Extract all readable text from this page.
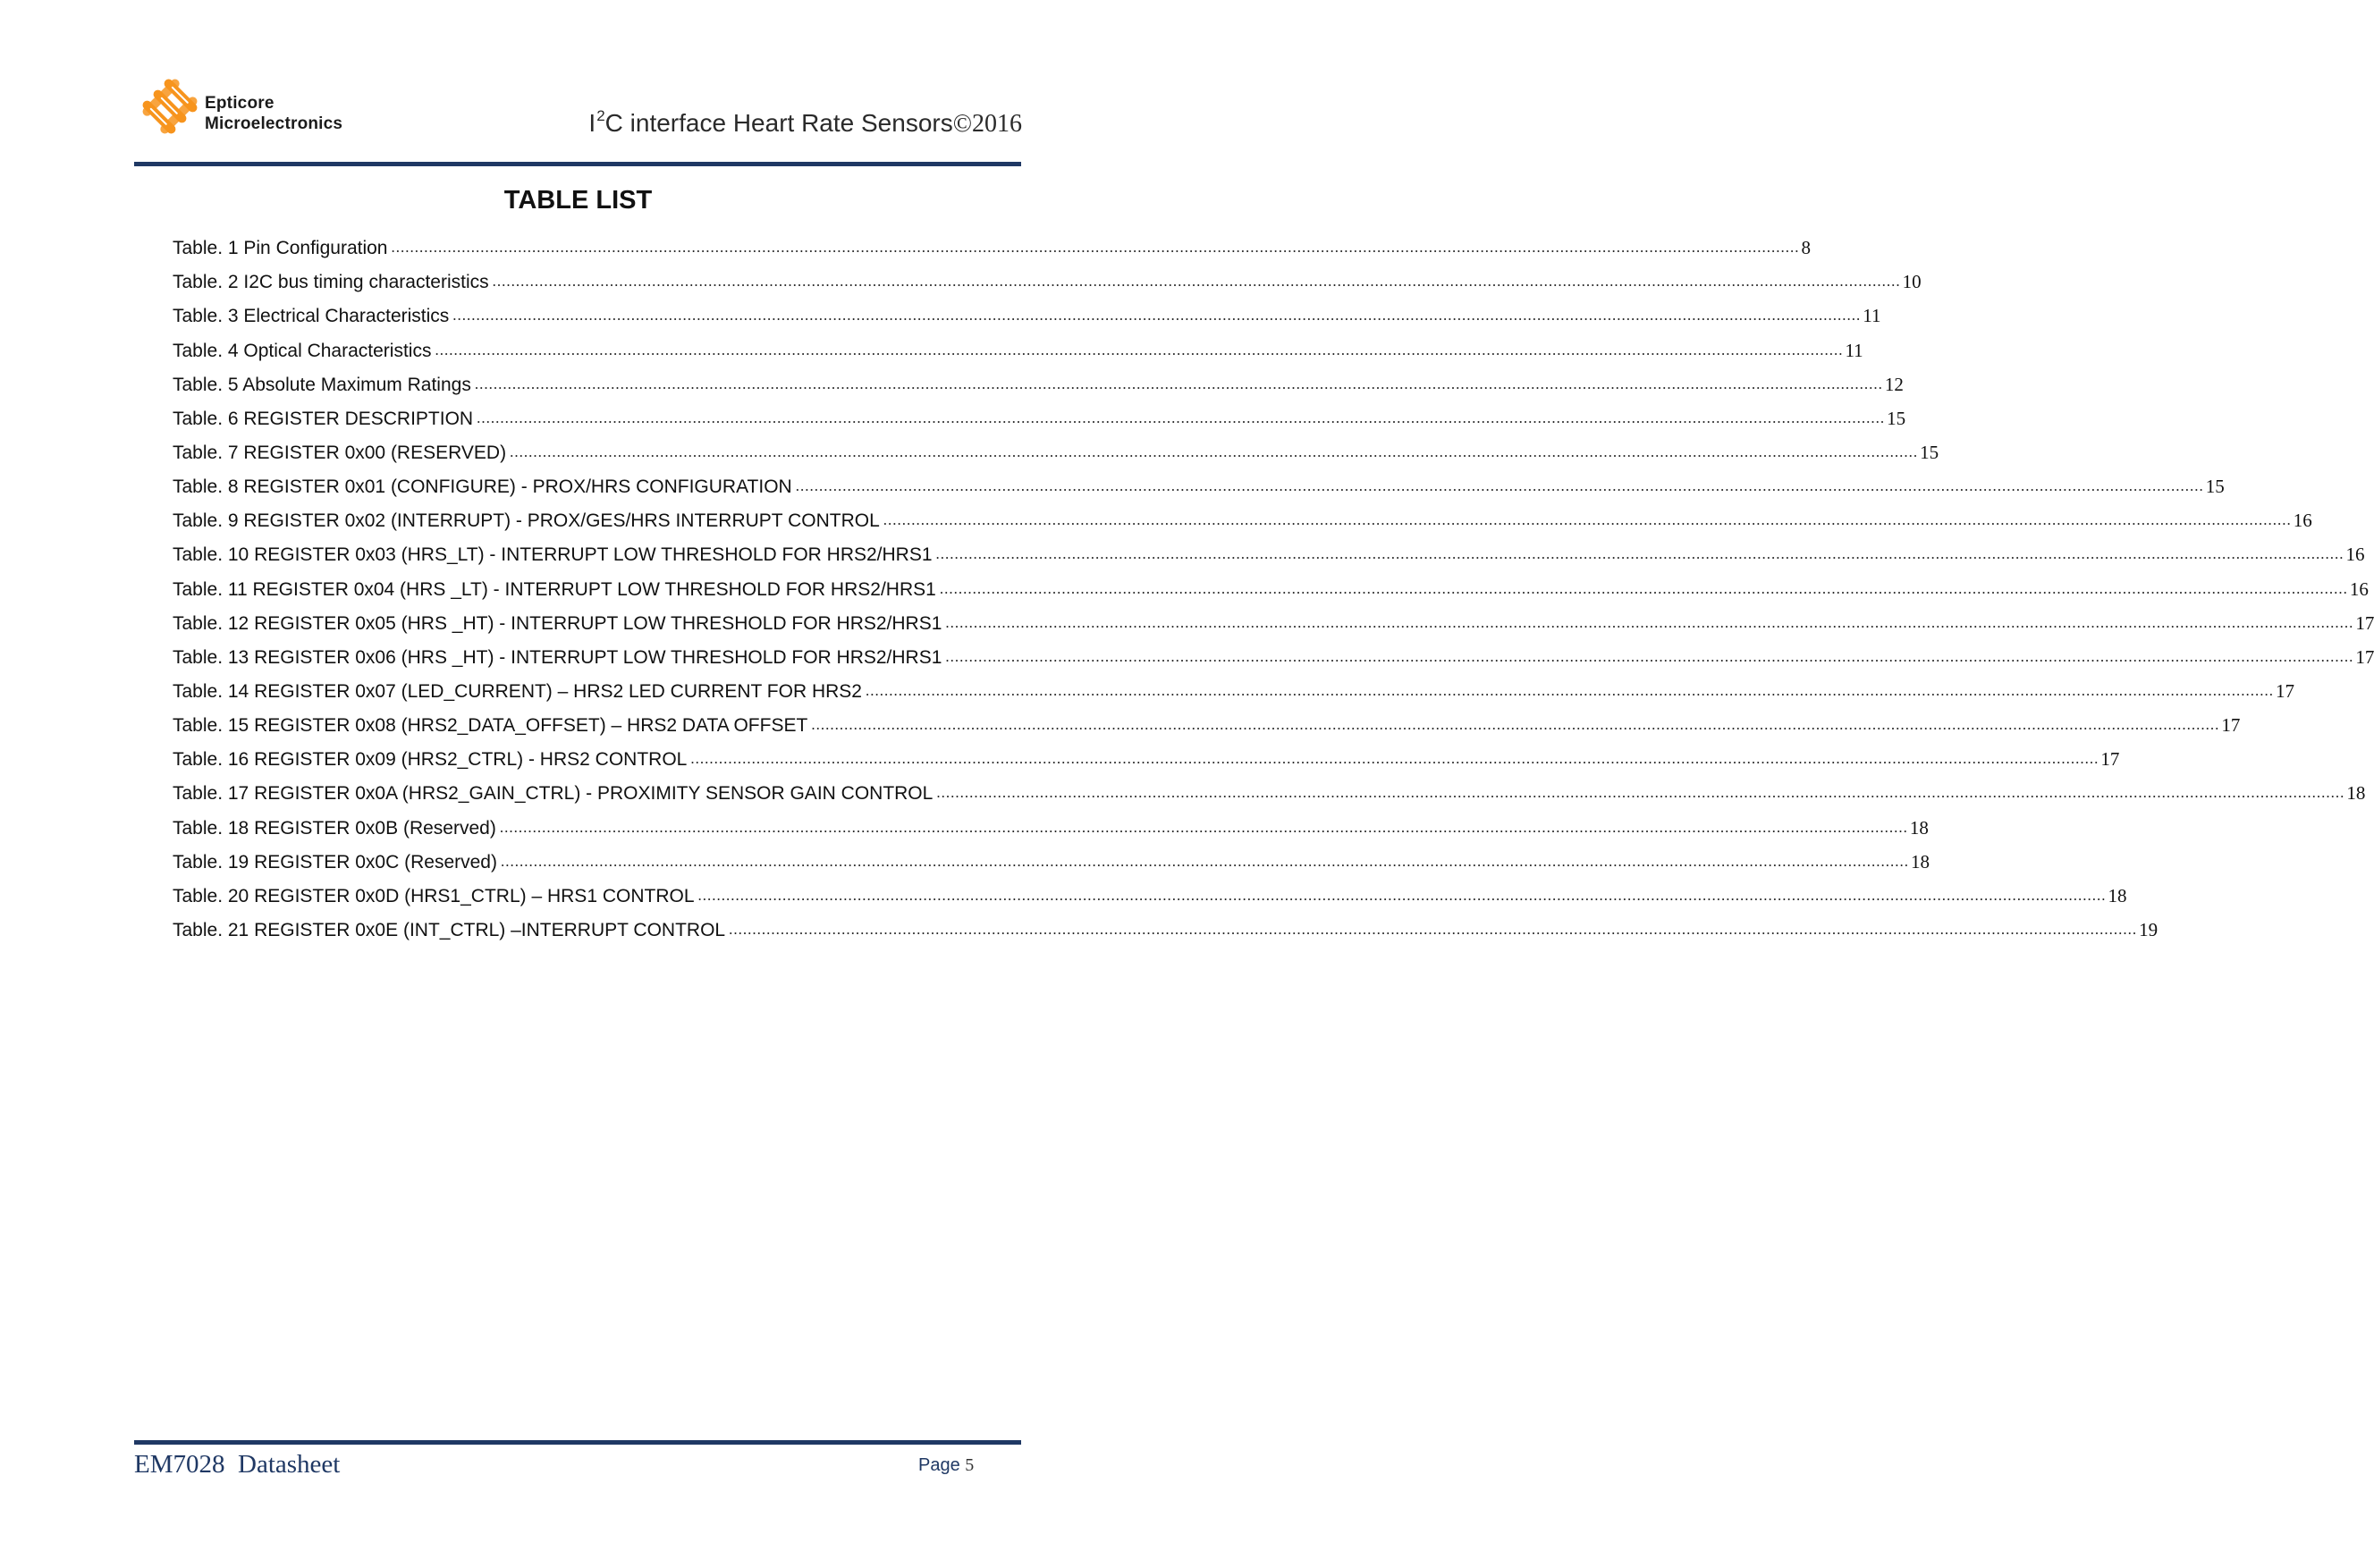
Epticore
Microelectronics	$I^2C$ interface Heart Rate Sensors©2016
TABLE LIST
Table. 1 Pin Configuration ............................................................................................................................................................................................................................................................................................................ 8
Table. 2 I2C bus timing characteristics ............................................................................................................................................................................................................................................................................................................ 10
Table. 3 Electrical Characteristics ............................................................................................................................................................................................................................................................................................................ 11
Table. 4 Optical Characteristics ............................................................................................................................................................................................................................................................................................................ 11
Table. 5 Absolute Maximum Ratings ............................................................................................................................................................................................................................................................................................................ 12
Table. 6 REGISTER DESCRIPTION ............................................................................................................................................................................................................................................................................................................ 15
Table. 7 REGISTER 0x00 (RESERVED) ............................................................................................................................................................................................................................................................................................................ 15
Table. 8 REGISTER 0x01 (CONFIGURE) - PROX/HRS CONFIGURATION ............................................................................................................................................................................................................................................................................................................ 15
Table. 9 REGISTER 0x02 (INTERRUPT) - PROX/GES/HRS INTERRUPT CONTROL ............................................................................................................................................................................................................................................................................................................ 16
Table. 10 REGISTER 0x03 (HRS_LT) - INTERRUPT LOW THRESHOLD FOR HRS2/HRS1 ............................................................................................................................................................................................................................................................................................................ 16
Table. 11 REGISTER 0x04 (HRS _LT) - INTERRUPT LOW THRESHOLD FOR HRS2/HRS1 ............................................................................................................................................................................................................................................................................................................ 16
Table. 12 REGISTER 0x05 (HRS _HT) - INTERRUPT LOW THRESHOLD FOR HRS2/HRS1 ............................................................................................................................................................................................................................................................................................................ 17
Table. 13 REGISTER 0x06 (HRS _HT) - INTERRUPT LOW THRESHOLD FOR HRS2/HRS1 ............................................................................................................................................................................................................................................................................................................ 17
Table. 14 REGISTER 0x07 (LED_CURRENT) – HRS2 LED CURRENT FOR HRS2 ............................................................................................................................................................................................................................................................................................................ 17
Table. 15 REGISTER 0x08 (HRS2_DATA_OFFSET) – HRS2 DATA OFFSET ............................................................................................................................................................................................................................................................................................................ 17
Table. 16 REGISTER 0x09 (HRS2_CTRL) - HRS2 CONTROL ............................................................................................................................................................................................................................................................................................................ 17
Table. 17 REGISTER 0x0A (HRS2_GAIN_CTRL) - PROXIMITY SENSOR GAIN CONTROL ............................................................................................................................................................................................................................................................................................................ 18
Table. 18 REGISTER 0x0B (Reserved) ............................................................................................................................................................................................................................................................................................................ 18
Table. 19 REGISTER 0x0C (Reserved) ............................................................................................................................................................................................................................................................................................................ 18
Table. 20 REGISTER 0x0D (HRS1_CTRL) – HRS1 CONTROL ............................................................................................................................................................................................................................................................................................................ 18
Table. 21 REGISTER 0x0E (INT_CTRL) –INTERRUPT CONTROL ............................................................................................................................................................................................................................................................................................................ 19
EM7028  Datasheet	Page 5
